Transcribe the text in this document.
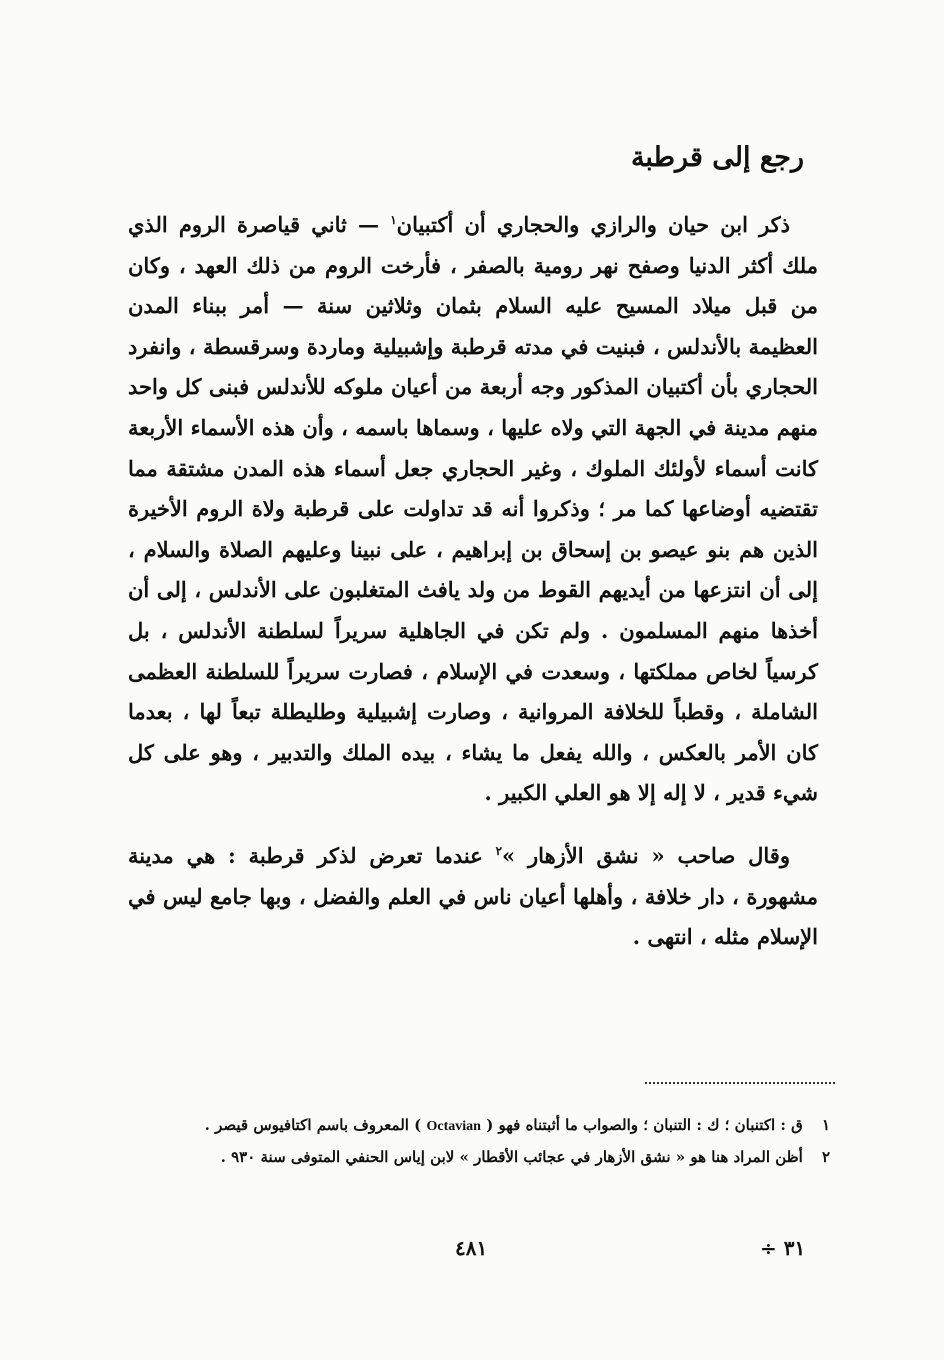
رجع إلى قرطبة

ذكر ابن حيان والرازي والحجاري أن أكتبيان$^١$ — ثاني قياصرة الروم الذي ملك أكثر الدنيا وصفح نهر رومية بالصفر ، فأرخت الروم من ذلك العهد ، وكان من قبل ميلاد المسيح عليه السلام بثمان وثلاثين سنة — أمر ببناء المدن العظيمة بالأندلس ، فبنيت في مدته قرطبة وإشبيلية وماردة وسرقسطة ، وانفرد الحجاري بأن أكتبيان المذكور وجه أربعة من أعيان ملوكه للأندلس فبنى كل واحد منهم مدينة في الجهة التي ولاه عليها ، وسماها باسمه ، وأن هذه الأسماء الأربعة كانت أسماء لأولئك الملوك ، وغير الحجاري جعل أسماء هذه المدن مشتقة مما تقتضيه أوضاعها كما مر ؛ وذكروا أنه قد تداولت على قرطبة ولاة الروم الأخيرة الذين هم بنو عيصو بن إسحاق بن إبراهيم ، على نبينا وعليهم الصلاة والسلام ، إلى أن انتزعها من أيديهم القوط من ولد يافث المتغلبون على الأندلس ، إلى أن أخذها منهم المسلمون . ولم تكن في الجاهلية سريراً لسلطنة الأندلس ، بل كرسياً لخاص مملكتها ، وسعدت في الإسلام ، فصارت سريراً للسلطنة العظمى الشاملة ، وقطباً للخلافة المروانية ، وصارت إشبيلية وطليطلة تبعاً لها ، بعدما كان الأمر بالعكس ، والله يفعل ما يشاء ، بيده الملك والتدبير ، وهو على كل شيء قدير ، لا إله إلا هو العلي الكبير .

وقال صاحب « نشق الأزهار »$^٢$ عندما تعرض لذكر قرطبة : هي مدينة مشهورة ، دار خلافة ، وأهلها أعيان ناس في العلم والفضل ، وبها جامع ليس في الإسلام مثله ، انتهى .

١ ق : اكتنبان ؛ ك : التنبان ؛ والصواب ما أثبتناه فهو ( Octavian ) المعروف باسم اكتافيوس قيصر .
٢ أظن المراد هنا هو « نشق الأزهار في عجائب الأقطار » لابن إياس الحنفي المتوفى سنة ٩٣٠ .
٤٨١	٣١ ÷
